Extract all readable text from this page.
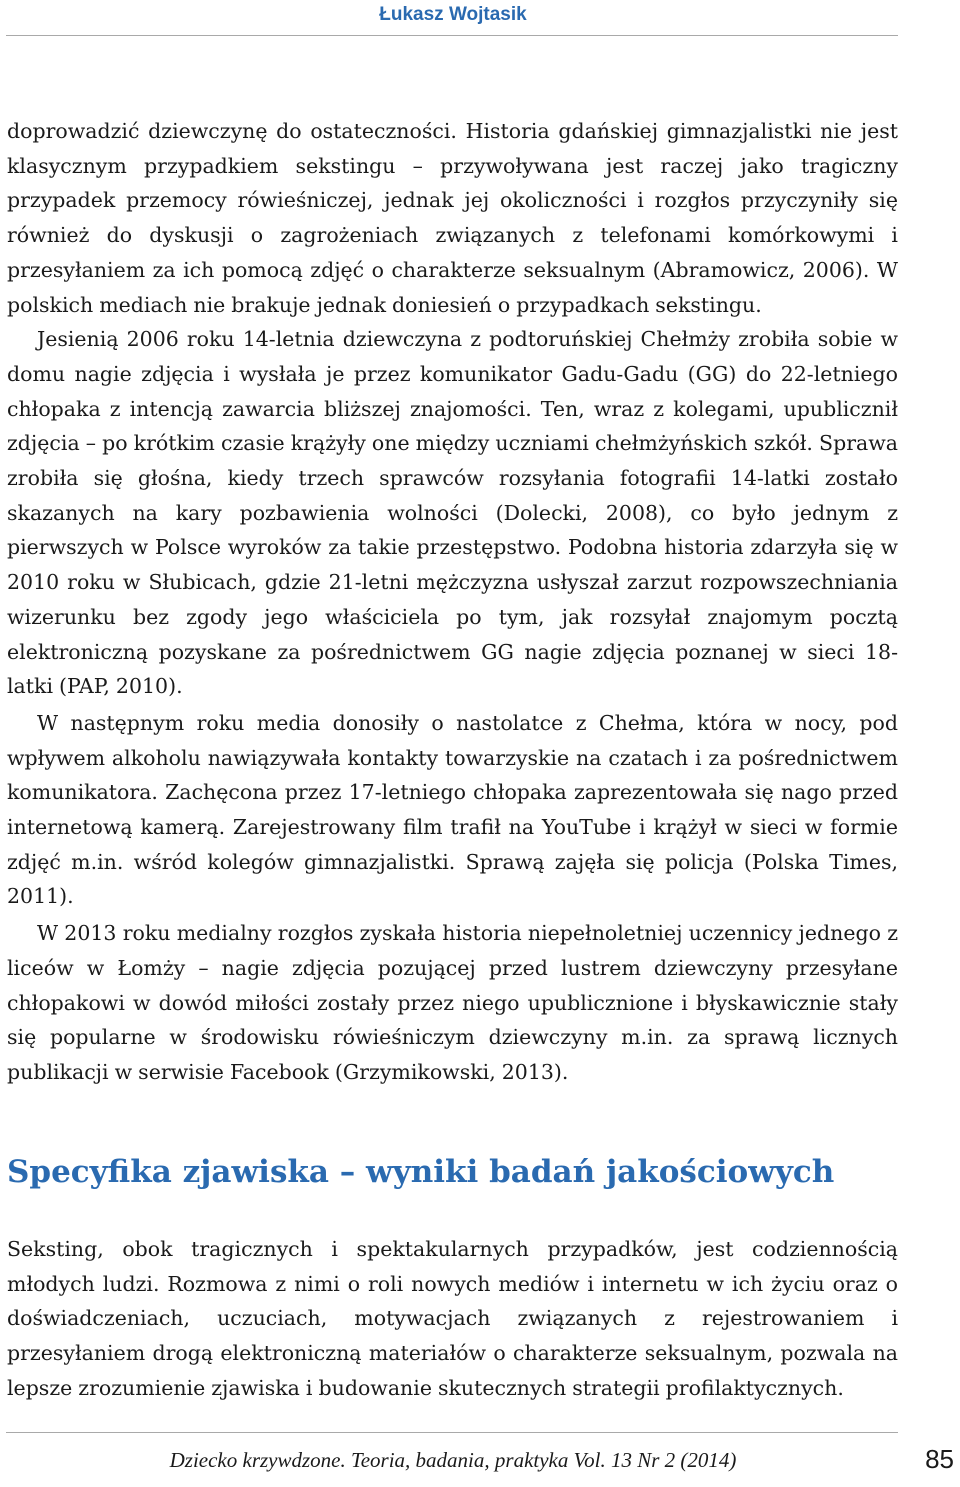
Łukasz Wojtasik

doprowadzić dziewczynę do ostateczności. Historia gdańskiej gimnazjalistki nie jest klasycznym przypadkiem sekstingu – przywoływana jest raczej jako tragiczny przypadek przemocy rówieśniczej, jednak jej okoliczności i rozgłos przyczyniły się również do dyskusji o zagrożeniach związanych z telefonami komórkowymi i przesyłaniem za ich pomocą zdjęć o charakterze seksualnym (Abramowicz, 2006). W polskich mediach nie brakuje jednak doniesień o przypadkach sekstingu.

Jesienią 2006 roku 14-letnia dziewczyna z podtoruńskiej Chełmży zrobiła sobie w domu nagie zdjęcia i wysłała je przez komunikator Gadu-Gadu (GG) do 22-letniego chłopaka z intencją zawarcia bliższej znajomości. Ten, wraz z kolegami, upublicznił zdjęcia – po krótkim czasie krążyły one między uczniami chełmżyńskich szkół. Sprawa zrobiła się głośna, kiedy trzech sprawców rozsyłania fotografii 14-latki zostało skazanych na kary pozbawienia wolności (Dolecki, 2008), co było jednym z pierwszych w Polsce wyroków za takie przestępstwo. Podobna historia zdarzyła się w 2010 roku w Słubicach, gdzie 21-letni mężczyzna usłyszał zarzut rozpowszechniania wizerunku bez zgody jego właściciela po tym, jak rozsyłał znajomym pocztą elektroniczną pozyskane za pośrednictwem GG nagie zdjęcia poznanej w sieci 18-latki (PAP, 2010).

W następnym roku media donosiły o nastolatce z Chełma, która w nocy, pod wpływem alkoholu nawiązywała kontakty towarzyskie na czatach i za pośrednictwem komunikatora. Zachęcona przez 17-letniego chłopaka zaprezentowała się nago przed internetową kamerą. Zarejestrowany film trafił na YouTube i krążył w sieci w formie zdjęć m.in. wśród kolegów gimnazjalistki. Sprawą zajęła się policja (Polska Times, 2011).

W 2013 roku medialny rozgłos zyskała historia niepełnoletniej uczennicy jednego z liceów w Łomży – nagie zdjęcia pozującej przed lustrem dziewczyny przesyłane chłopakowi w dowód miłości zostały przez niego upublicznione i błyskawicznie stały się popularne w środowisku rówieśniczym dziewczyny m.in. za sprawą licznych publikacji w serwisie Facebook (Grzymikowski, 2013).

Specyfika zjawiska – wyniki badań jakościowych

Seksting, obok tragicznych i spektakularnych przypadków, jest codziennością młodych ludzi. Rozmowa z nimi o roli nowych mediów i internetu w ich życiu oraz o doświadczeniach, uczuciach, motywacjach związanych z rejestrowaniem i przesyłaniem drogą elektroniczną materiałów o charakterze seksualnym, pozwala na lepsze zrozumienie zjawiska i budowanie skutecznych strategii profilaktycznych.

Dziecko krzywdzone. Teoria, badania, praktyka Vol. 13 Nr 2 (2014)	85
